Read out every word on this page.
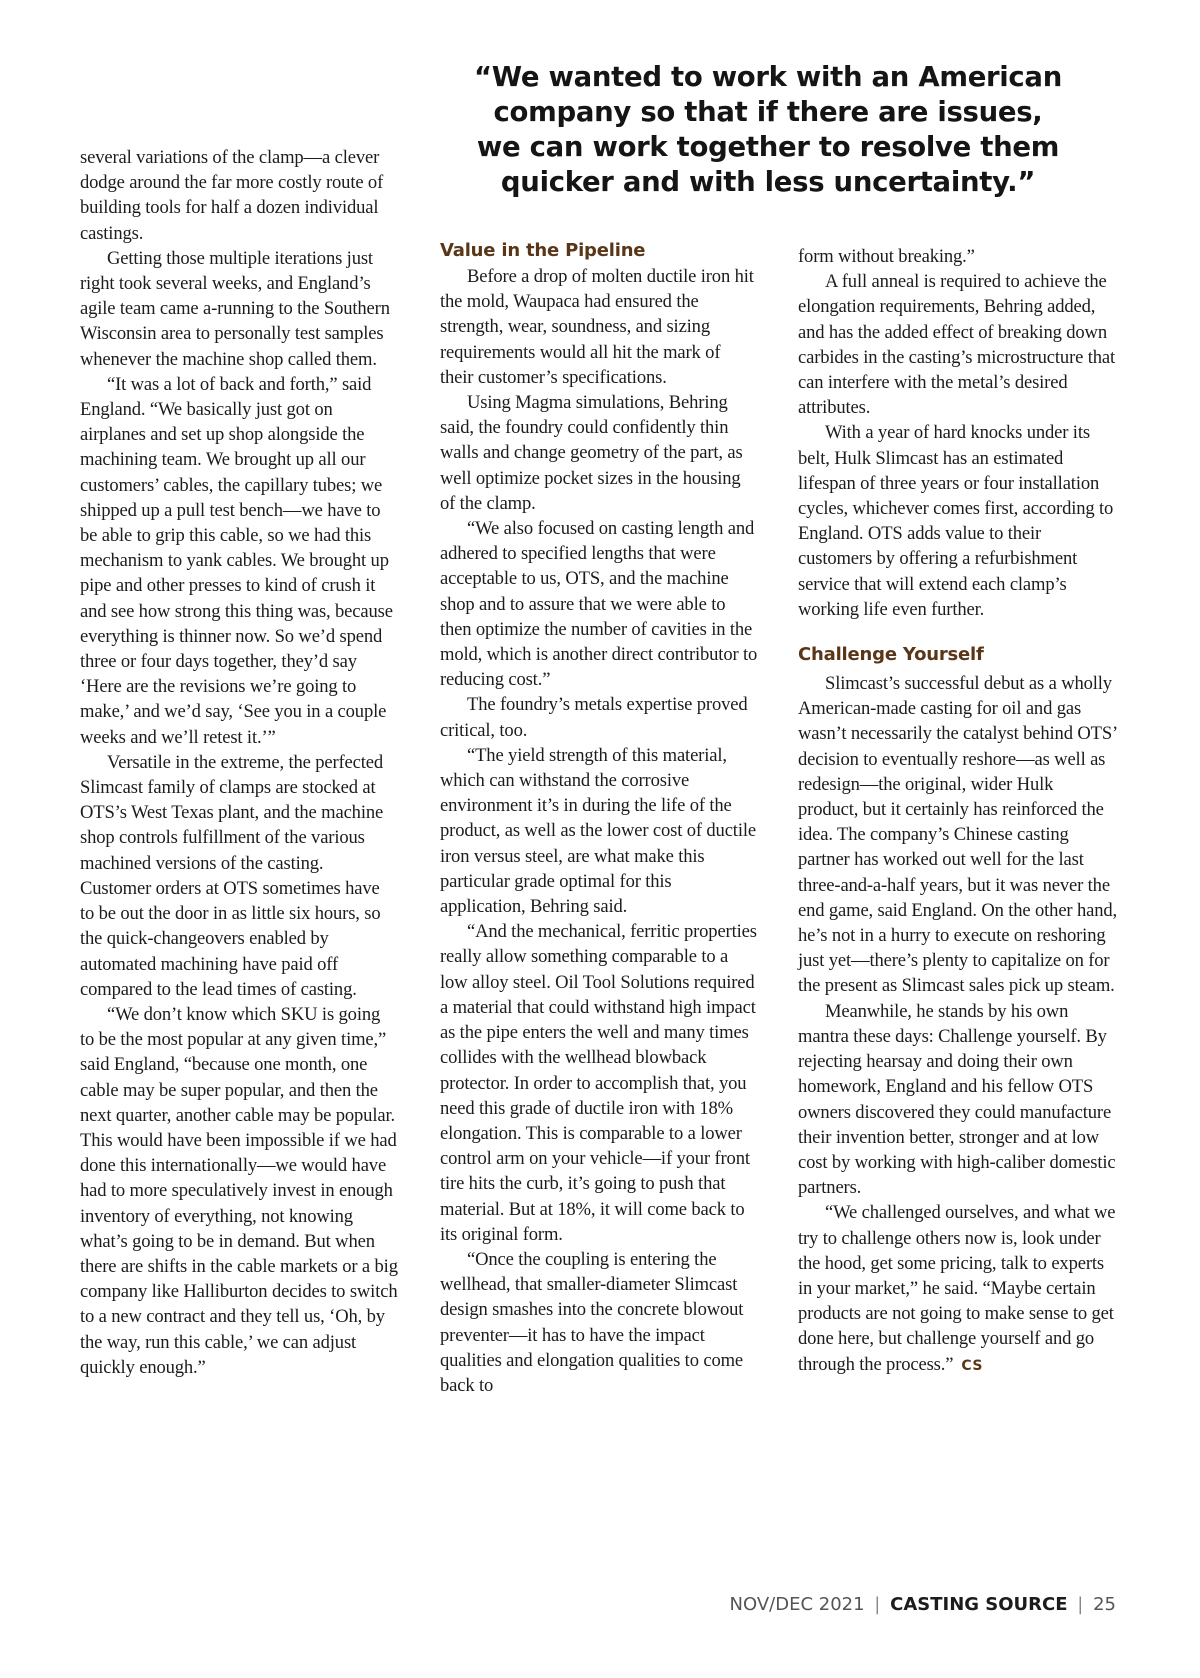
“We wanted to work with an American
company so that if there are issues,
we can work together to resolve them
quicker and with less uncertainty.”

several variations of the clamp—a clever dodge around the far more costly route of building tools for half a dozen individual castings.

Getting those multiple iterations just right took several weeks, and England’s agile team came a-running to the Southern Wisconsin area to personally test samples whenever the machine shop called them.

“It was a lot of back and forth,” said England. “We basically just got on airplanes and set up shop alongside the machining team. We brought up all our customers’ cables, the capillary tubes; we shipped up a pull test bench—we have to be able to grip this cable, so we had this mechanism to yank cables. We brought up pipe and other presses to kind of crush it and see how strong this thing was, because everything is thinner now. So we’d spend three or four days together, they’d say ‘Here are the revisions we’re going to make,’ and we’d say, ‘See you in a couple weeks and we’ll retest it.’”

Versatile in the extreme, the perfected Slimcast family of clamps are stocked at OTS’s West Texas plant, and the machine shop controls fulfillment of the various machined versions of the casting. Customer orders at OTS sometimes have to be out the door in as little six hours, so the quick-changeovers enabled by automated machining have paid off compared to the lead times of casting.

“We don’t know which SKU is going to be the most popular at any given time,” said England, “because one month, one cable may be super popular, and then the next quarter, another cable may be popular. This would have been impossible if we had done this internationally—we would have had to more speculatively invest in enough inventory of everything, not knowing what’s going to be in demand. But when there are shifts in the cable markets or a big company like Halliburton decides to switch to a new contract and they tell us, ‘Oh, by the way, run this cable,’ we can adjust quickly enough.”

Value in the Pipeline

Before a drop of molten ductile iron hit the mold, Waupaca had ensured the strength, wear, soundness, and sizing requirements would all hit the mark of their customer’s specifications.

Using Magma simulations, Behring said, the foundry could confidently thin walls and change geometry of the part, as well optimize pocket sizes in the housing of the clamp.

“We also focused on casting length and adhered to specified lengths that were acceptable to us, OTS, and the machine shop and to assure that we were able to then optimize the number of cavities in the mold, which is another direct contributor to reducing cost.”

The foundry’s metals expertise proved critical, too.

“The yield strength of this material, which can withstand the corrosive environment it’s in during the life of the product, as well as the lower cost of ductile iron versus steel, are what make this particular grade optimal for this application, Behring said.

“And the mechanical, ferritic properties really allow something comparable to a low alloy steel. Oil Tool Solutions required a material that could withstand high impact as the pipe enters the well and many times collides with the wellhead blowback protector. In order to accomplish that, you need this grade of ductile iron with 18% elongation. This is comparable to a lower control arm on your vehicle—if your front tire hits the curb, it’s going to push that material. But at 18%, it will come back to its original form.

“Once the coupling is entering the wellhead, that smaller-diameter Slimcast design smashes into the concrete blowout preventer—it has to have the impact qualities and elongation qualities to come back to

form without breaking.”

A full anneal is required to achieve the elongation requirements, Behring added, and has the added effect of breaking down carbides in the casting’s microstructure that can interfere with the metal’s desired attributes.

With a year of hard knocks under its belt, Hulk Slimcast has an estimated lifespan of three years or four installation cycles, whichever comes first, according to England. OTS adds value to their customers by offering a refurbishment service that will extend each clamp’s working life even further.

Challenge Yourself

Slimcast’s successful debut as a wholly American-made casting for oil and gas wasn’t necessarily the catalyst behind OTS’ decision to eventually reshore—as well as redesign—the original, wider Hulk product, but it certainly has reinforced the idea. The company’s Chinese casting partner has worked out well for the last three-and-a-half years, but it was never the end game, said England. On the other hand, he’s not in a hurry to execute on reshoring just yet—there’s plenty to capitalize on for the present as Slimcast sales pick up steam.

Meanwhile, he stands by his own mantra these days: Challenge yourself. By rejecting hearsay and doing their own homework, England and his fellow OTS owners discovered they could manufacture their invention better, stronger and at low cost by working with high-caliber domestic partners.

“We challenged ourselves, and what we try to challenge others now is, look under the hood, get some pricing, talk to experts in your market,” he said. “Maybe certain products are not going to make sense to get done here, but challenge yourself and go through the process.” CS

NOV/DEC 2021 | CASTING SOURCE | 25
